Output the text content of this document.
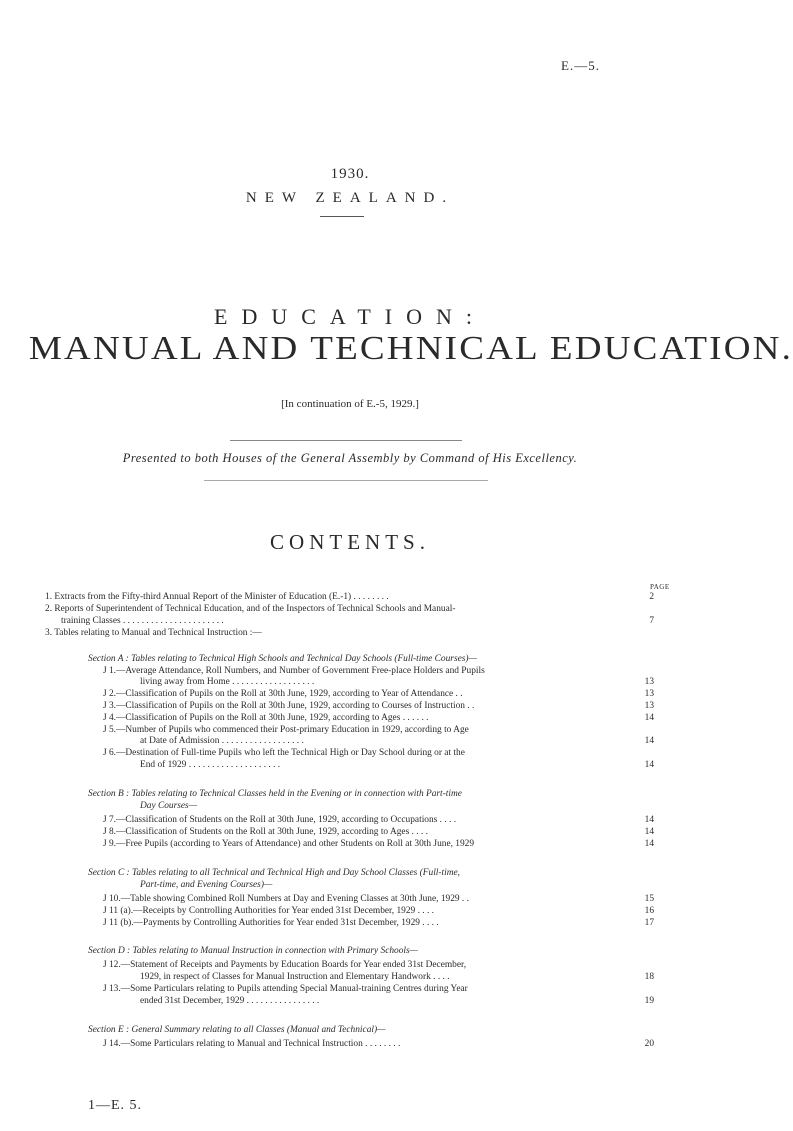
E.—5.
1930.
NEW ZEALAND.
EDUCATION:
MANUAL AND TECHNICAL EDUCATION.
[In continuation of E.-5, 1929.]
Presented to both Houses of the General Assembly by Command of His Excellency.
CONTENTS.
PAGE
1. Extracts from the Fifty-third Annual Report of the Minister of Education (E.-1) . . . . . . . .	2
2. Reports of Superintendent of Technical Education, and of the Inspectors of Technical Schools and Manual-
training Classes . . . . . . . . . . . . . . . . . . . . . .	7
3. Tables relating to Manual and Technical Instruction :—
Section A : Tables relating to Technical High Schools and Technical Day Schools (Full-time Courses)—
J 1.—Average Attendance, Roll Numbers, and Number of Government Free-place Holders and Pupils
living away from Home . . . . . . . . . . . . . . . . . .	13
J 2.—Classification of Pupils on the Roll at 30th June, 1929, according to Year of Attendance . .	13
J 3.—Classification of Pupils on the Roll at 30th June, 1929, according to Courses of Instruction . .	13
J 4.—Classification of Pupils on the Roll at 30th June, 1929, according to Ages . . . . . .	14
J 5.—Number of Pupils who commenced their Post-primary Education in 1929, according to Age
at Date of Admission . . . . . . . . . . . . . . . . . .	14
J 6.—Destination of Full-time Pupils who left the Technical High or Day School during or at the
End of 1929 . . . . . . . . . . . . . . . . . . . .	14
Section B : Tables relating to Technical Classes held in the Evening or in connection with Part-time
Day Courses—
J 7.—Classification of Students on the Roll at 30th June, 1929, according to Occupations . . . .	14
J 8.—Classification of Students on the Roll at 30th June, 1929, according to Ages . . . .	14
J 9.—Free Pupils (according to Years of Attendance) and other Students on Roll at 30th June, 1929	14
Section C : Tables relating to all Technical and Technical High and Day School Classes (Full-time,
Part-time, and Evening Courses)—
J 10.—Table showing Combined Roll Numbers at Day and Evening Classes at 30th June, 1929 . .	15
J 11 (a).—Receipts by Controlling Authorities for Year ended 31st December, 1929 . . . .	16
J 11 (b).—Payments by Controlling Authorities for Year ended 31st December, 1929 . . . .	17
Section D : Tables relating to Manual Instruction in connection with Primary Schools—
J 12.—Statement of Receipts and Payments by Education Boards for Year ended 31st December,
1929, in respect of Classes for Manual Instruction and Elementary Handwork . . . .	18
J 13.—Some Particulars relating to Pupils attending Special Manual-training Centres during Year
ended 31st December, 1929 . . . . . . . . . . . . . . . .	19
Section E : General Summary relating to all Classes (Manual and Technical)—
J 14.—Some Particulars relating to Manual and Technical Instruction . . . . . . . .	20
1—E. 5.
